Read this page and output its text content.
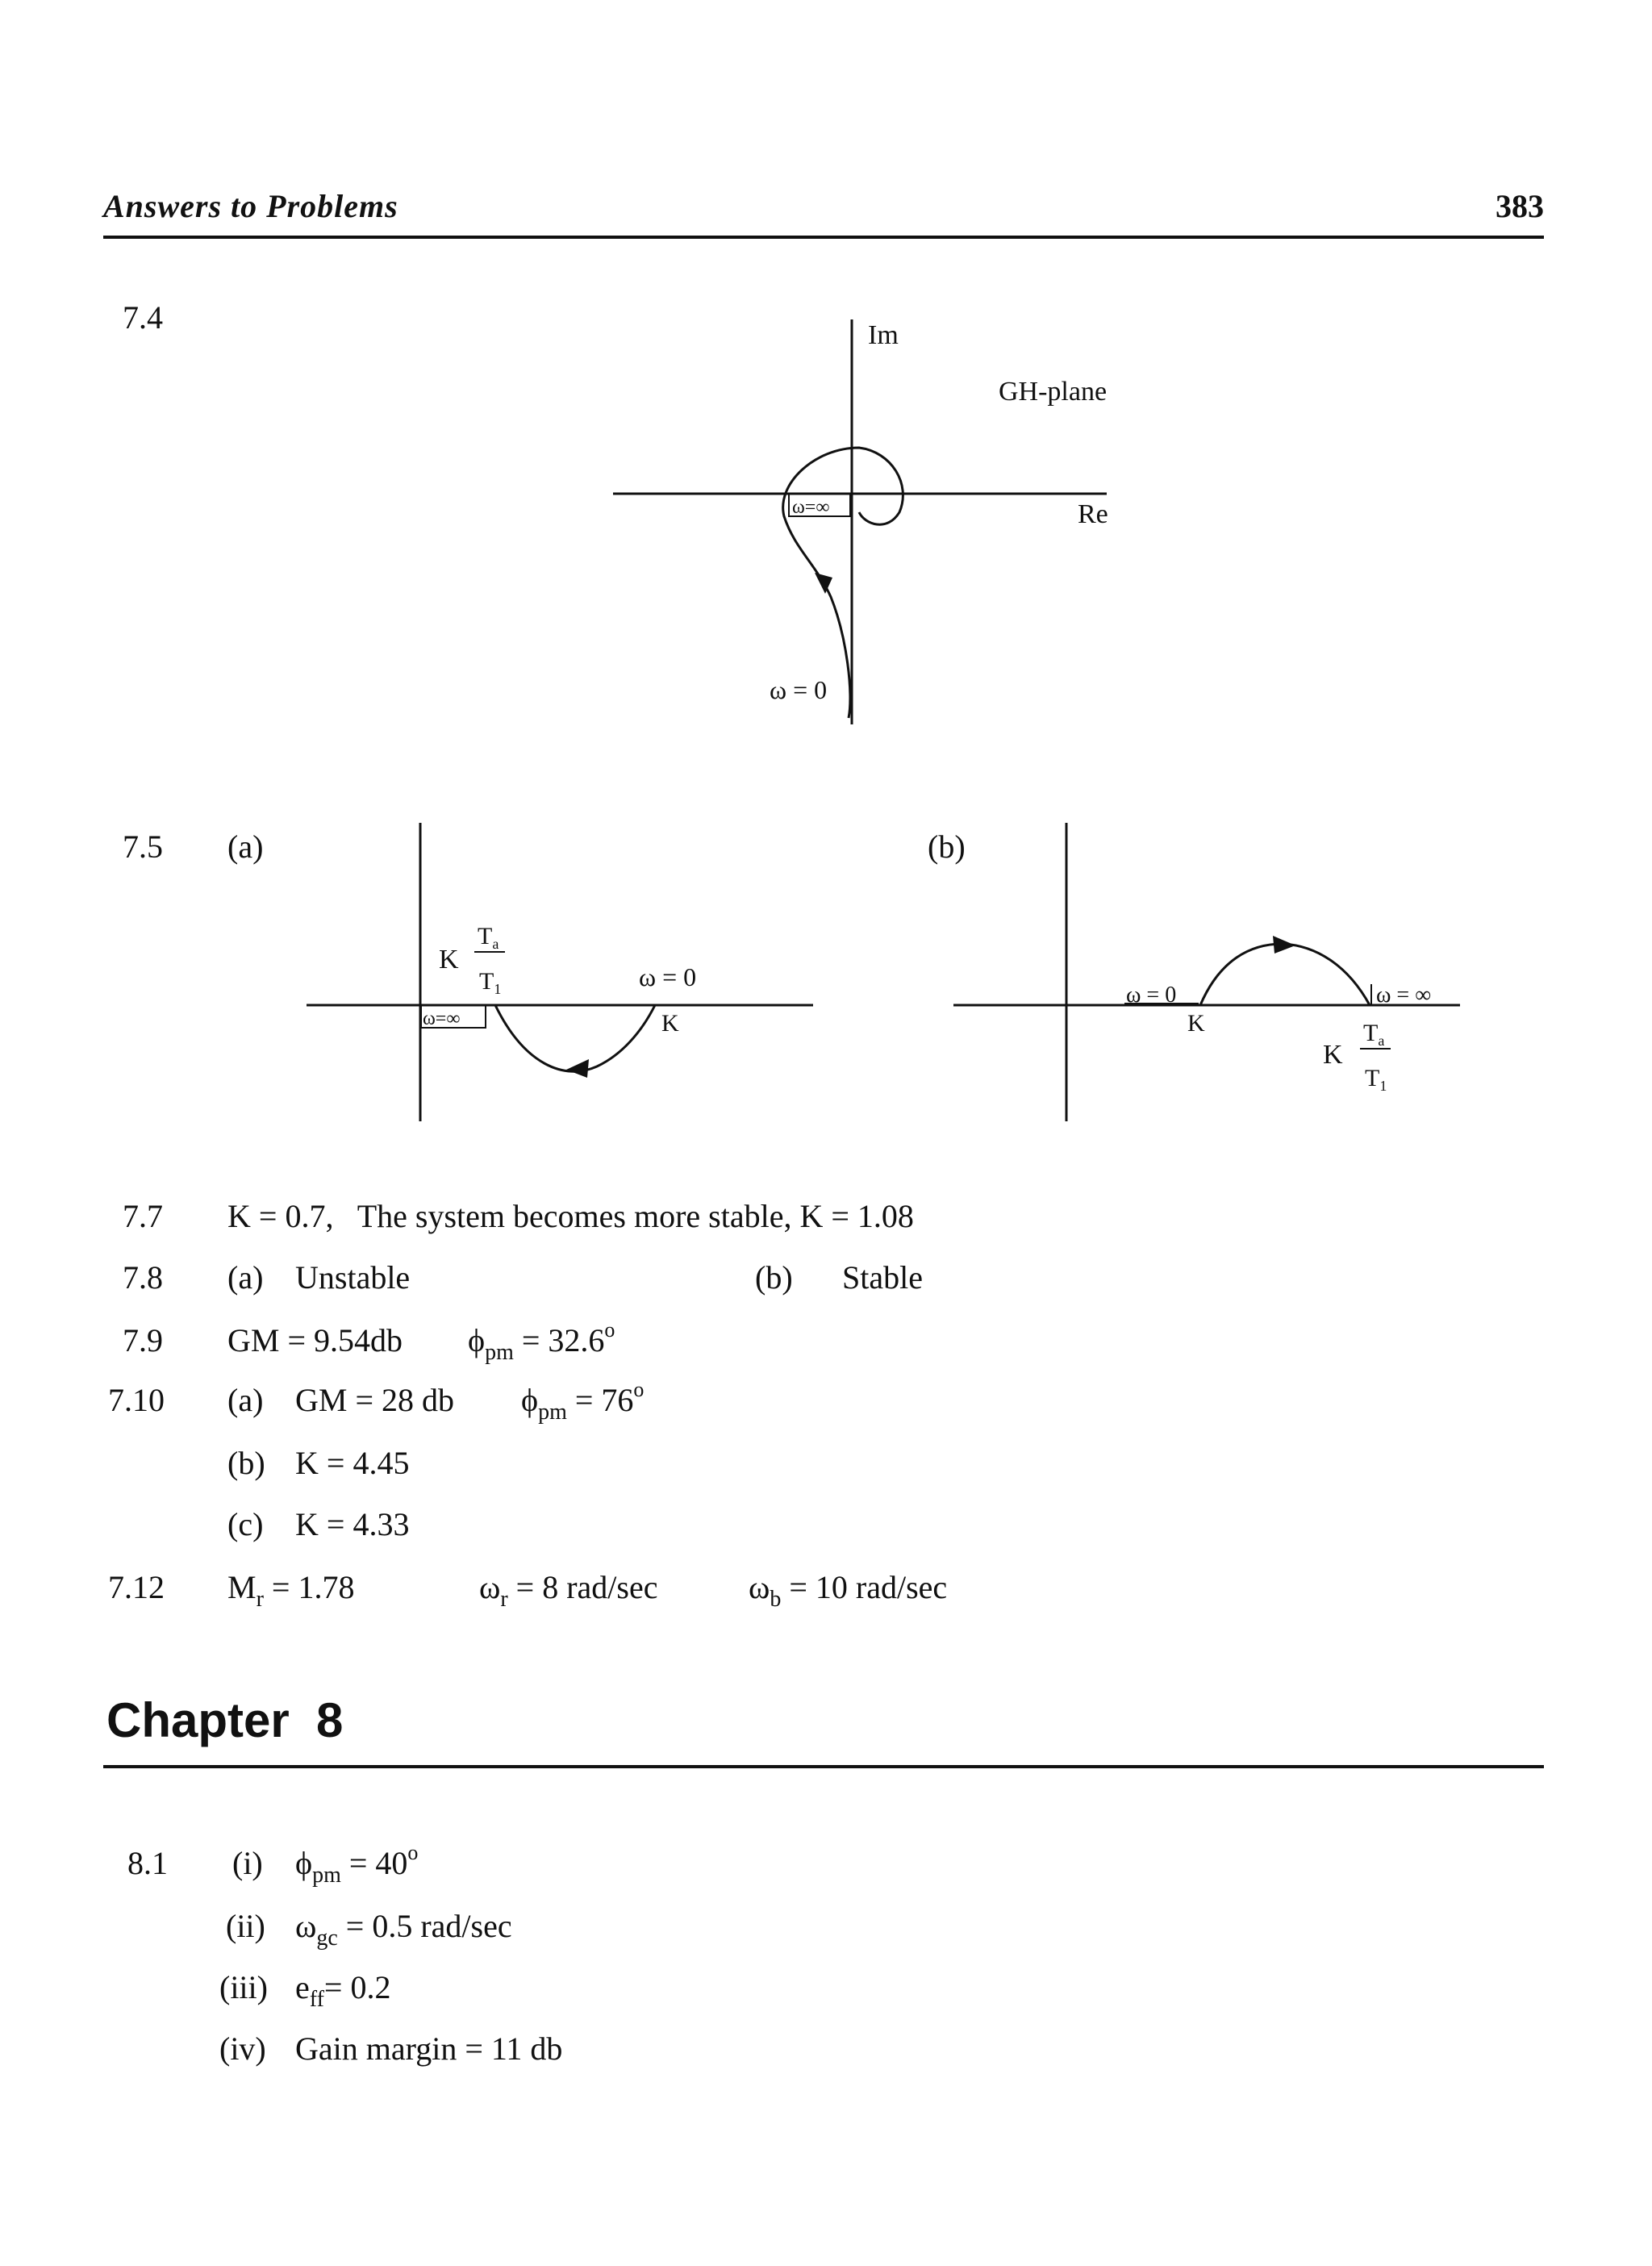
Answers to Problems	383
7.4	Im
GH-plane
Re
ω=∞
ω = 0
7.5 (a)	(b)
K
$T_a$
$T_1$	ω = 0
ω=∞	K
ω = 0	ω = ∞
K
K
$T_a$
$T_1$
7.7 K = 0.7,   The system becomes more stable, K = 1.08
7.8 (a) Unstable	(b) Stable
7.9 GM = 9.54db $\phi_{pm} = 32.6^o$
7.10 (a) GM = 28 db $\phi_{pm} = 76^o$
(b) K = 4.45
(c) K = 4.33
7.12 $M_r = 1.78$	$\omega_r = 8$ rad/sec	$\omega_b = 10$ rad/sec
Chapter  8
8.1 (i) $\phi_{pm} = 40^o$
(ii) $\omega_{gc} = 0.5$ rad/sec
(iii) $e_{ff}= 0.2$
(iv) Gain margin = 11 db
